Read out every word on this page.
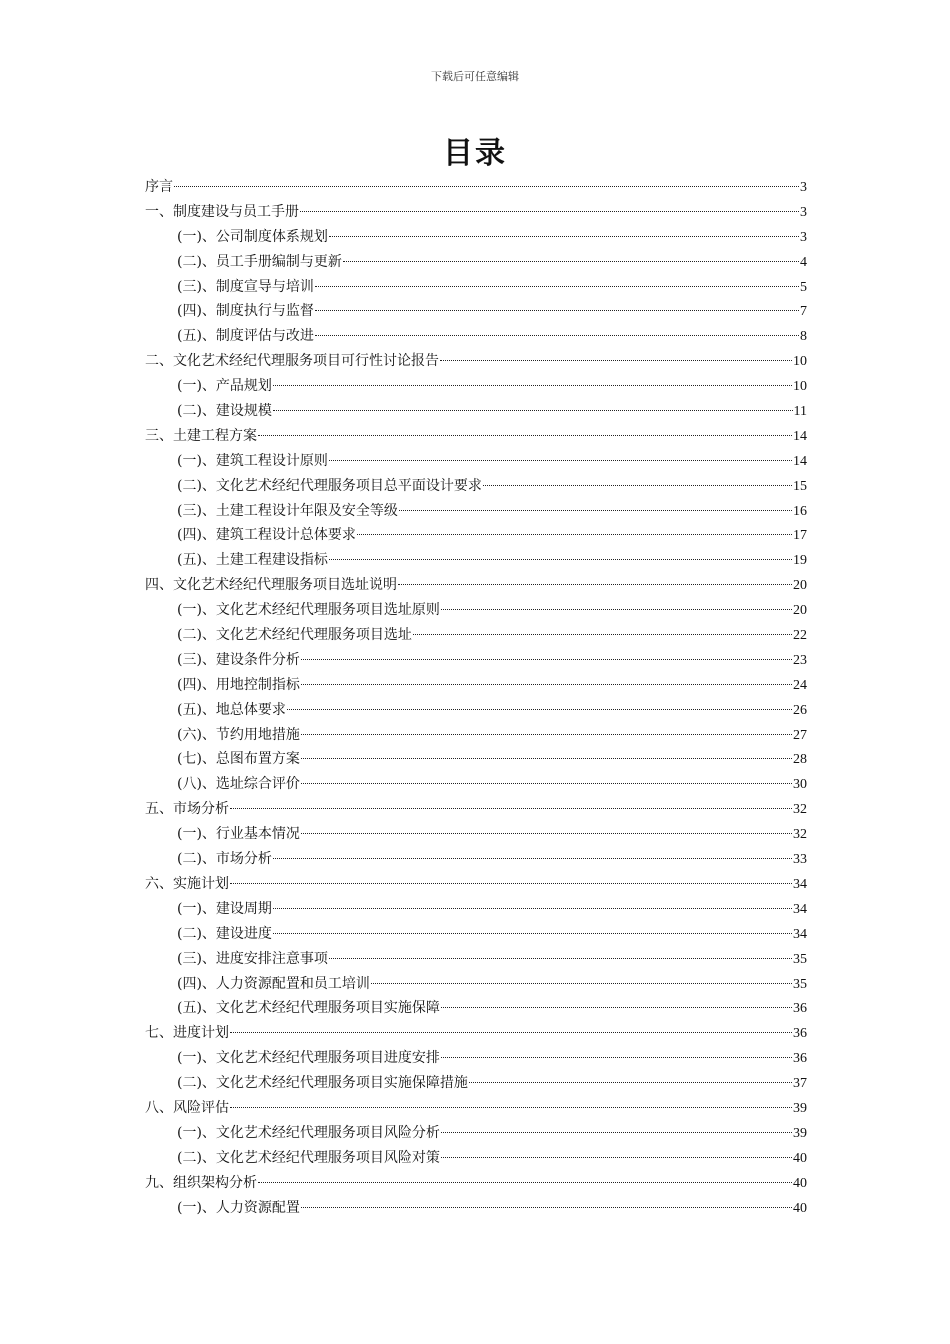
下载后可任意编辑
目录
序言	3
一、制度建设与员工手册	3
(一)、公司制度体系规划	3
(二)、员工手册编制与更新	4
(三)、制度宣导与培训	5
(四)、制度执行与监督	7
(五)、制度评估与改进	8
二、文化艺术经纪代理服务项目可行性讨论报告	10
(一)、产品规划	10
(二)、建设规模	11
三、土建工程方案	14
(一)、建筑工程设计原则	14
(二)、文化艺术经纪代理服务项目总平面设计要求	15
(三)、土建工程设计年限及安全等级	16
(四)、建筑工程设计总体要求	17
(五)、土建工程建设指标	19
四、文化艺术经纪代理服务项目选址说明	20
(一)、文化艺术经纪代理服务项目选址原则	20
(二)、文化艺术经纪代理服务项目选址	22
(三)、建设条件分析	23
(四)、用地控制指标	24
(五)、地总体要求	26
(六)、节约用地措施	27
(七)、总图布置方案	28
(八)、选址综合评价	30
五、市场分析	32
(一)、行业基本情况	32
(二)、市场分析	33
六、实施计划	34
(一)、建设周期	34
(二)、建设进度	34
(三)、进度安排注意事项	35
(四)、人力资源配置和员工培训	35
(五)、文化艺术经纪代理服务项目实施保障	36
七、进度计划	36
(一)、文化艺术经纪代理服务项目进度安排	36
(二)、文化艺术经纪代理服务项目实施保障措施	37
八、风险评估	39
(一)、文化艺术经纪代理服务项目风险分析	39
(二)、文化艺术经纪代理服务项目风险对策	40
九、组织架构分析	40
(一)、人力资源配置	40
